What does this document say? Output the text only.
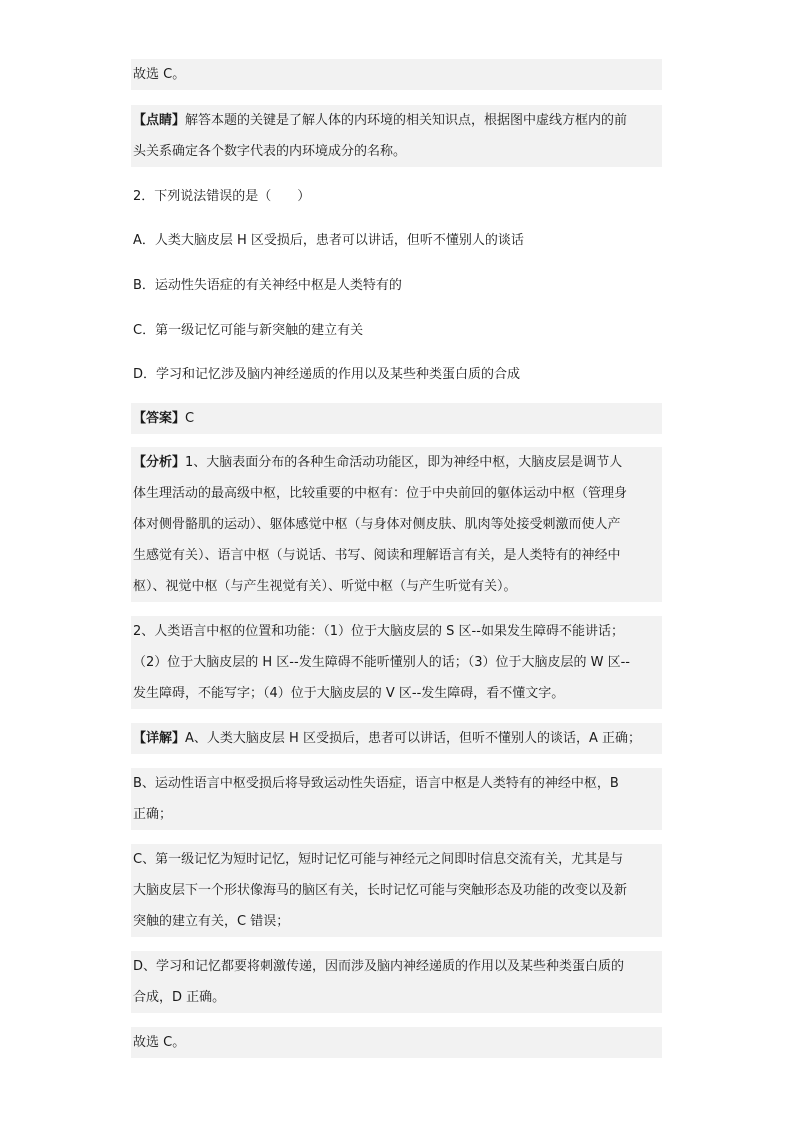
故选 C。
【点睛】解答本题的关键是了解人体的内环境的相关知识点，根据图中虚线方框内的前
头关系确定各个数字代表的内环境成分的名称。
2．下列说法错误的是（　　）
A．人类大脑皮层 H 区受损后，患者可以讲话，但听不懂别人的谈话
B．运动性失语症的有关神经中枢是人类特有的
C．第一级记忆可能与新突触的建立有关
D．学习和记忆涉及脑内神经递质的作用以及某些种类蛋白质的合成
【答案】C
【分析】1、大脑表面分布的各种生命活动功能区，即为神经中枢，大脑皮层是调节人
体生理活动的最高级中枢，比较重要的中枢有：位于中央前回的躯体运动中枢（管理身
体对侧骨骼肌的运动）、躯体感觉中枢（与身体对侧皮肤、肌肉等处接受刺激而使人产
生感觉有关）、语言中枢（与说话、书写、阅读和理解语言有关，是人类特有的神经中
枢）、视觉中枢（与产生视觉有关）、听觉中枢（与产生听觉有关）。
2、人类语言中枢的位置和功能：（1）位于大脑皮层的 S 区--如果发生障碍不能讲话；
（2）位于大脑皮层的 H 区--发生障碍不能听懂别人的话；（3）位于大脑皮层的 W 区--
发生障碍，不能写字；（4）位于大脑皮层的 V 区--发生障碍，看不懂文字。
【详解】A、人类大脑皮层 H 区受损后，患者可以讲话，但听不懂别人的谈话，A 正确；
B、运动性语言中枢受损后将导致运动性失语症，语言中枢是人类特有的神经中枢，B
正确；
C、第一级记忆为短时记忆，短时记忆可能与神经元之间即时信息交流有关，尤其是与
大脑皮层下一个形状像海马的脑区有关，长时记忆可能与突触形态及功能的改变以及新
突触的建立有关，C 错误；
D、学习和记忆都要将刺激传递，因而涉及脑内神经递质的作用以及某些种类蛋白质的
合成，D 正确。
故选 C。
